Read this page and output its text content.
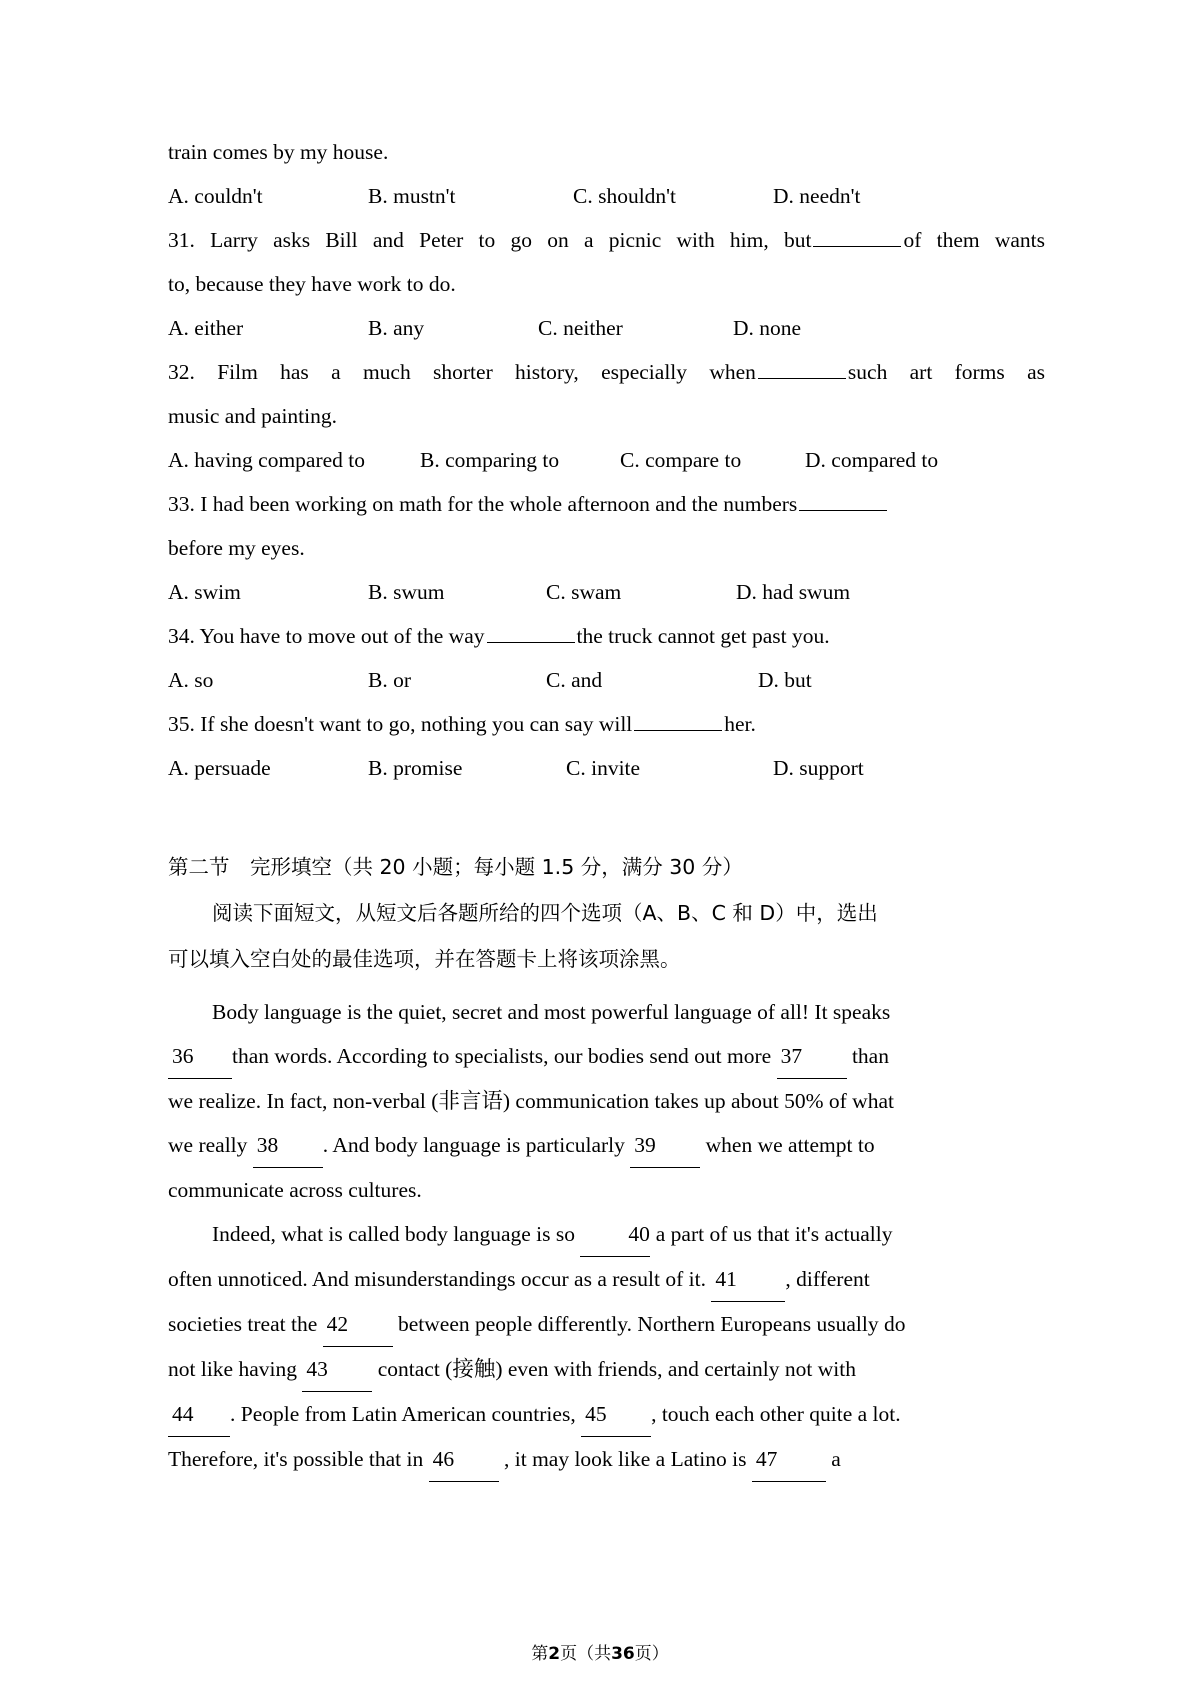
train comes by my house.
A. couldn't	B. mustn't	C. shouldn't	D. needn't
31. Larry asks Bill and Peter to go on a picnic with him, but	of them wants
to, because they have work to do.
A. either	B. any	C. neither	D. none
32. Film has a much shorter history, especially when	such art forms as
music and painting.
A. having compared to	B. comparing to	C. compare to	D. compared to
33. I had been working on math for the whole afternoon and the numbers
before my eyes.
A. swim	B. swum	C. swam	D. had swum
34. You have to move out of the way	the truck cannot get past you.
A. so	B. or	C. and	D. but
35. If she doesn't want to go, nothing you can say will	her.
A. persuade	B. promise	C. invite	D. support
第二节　完形填空（共 20 小题；每小题 1.5 分，满分 30 分）
阅读下面短文，从短文后各题所给的四个选项（A、B、C 和 D）中，选出
可以填入空白处的最佳选项，并在答题卡上将该项涂黑。
Body language is the quiet, secret and most powerful language of all! It speaks
36 than words. According to specialists, our bodies send out more 37 than
we realize. In fact, non-verbal (非言语) communication takes up about 50% of what
we really 38 . And body language is particularly 39 when we attempt to
communicate across cultures.
Indeed, what is called body language is so 40 a part of us that it's actually
often unnoticed. And misunderstandings occur as a result of it. 41 , different
societies treat the 42 between people differently. Northern Europeans usually do
not like having 43 contact (接触) even with friends, and certainly not with
44 . People from Latin American countries, 45 , touch each other quite a lot.
Therefore, it's possible that in 46 , it may look like a Latino is 47	a
第2页（共36页）
